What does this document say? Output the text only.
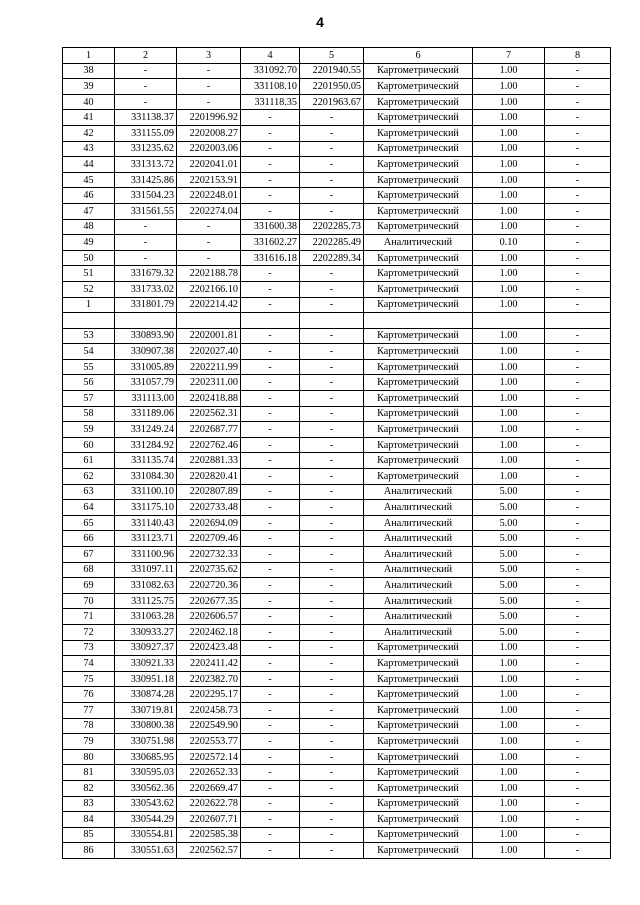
4
1	2	3	4	5	6	7	8
38	-	-	331092.70	2201940.55	Картометрический	1.00	-
39	-	-	331108.10	2201950.05	Картометрический	1.00	-
40	-	-	331118.35	2201963.67	Картометрический	1.00	-
41	331138.37	2201996.92	-	-	Картометрический	1.00	-
42	331155.09	2202008.27	-	-	Картометрический	1.00	-
43	331235.62	2202003.06	-	-	Картометрический	1.00	-
44	331313.72	2202041.01	-	-	Картометрический	1.00	-
45	331425.86	2202153.91	-	-	Картометрический	1.00	-
46	331504.23	2202248.01	-	-	Картометрический	1.00	-
47	331561.55	2202274.04	-	-	Картометрический	1.00	-
48	-	-	331600.38	2202285.73	Картометрический	1.00	-
49	-	-	331602.27	2202285.49	Аналитический	0.10	-
50	-	-	331616.18	2202289.34	Картометрический	1.00	-
51	331679.32	2202188.78	-	-	Картометрический	1.00	-
52	331733.02	2202166.10	-	-	Картометрический	1.00	-
1	331801.79	2202214.42	-	-	Картометрический	1.00	-

53	330893.90	2202001.81	-	-	Картометрический	1.00	-
54	330907.38	2202027.40	-	-	Картометрический	1.00	-
55	331005.89	2202211.99	-	-	Картометрический	1.00	-
56	331057.79	2202311.00	-	-	Картометрический	1.00	-
57	331113.00	2202418.88	-	-	Картометрический	1.00	-
58	331189.06	2202562.31	-	-	Картометрический	1.00	-
59	331249.24	2202687.77	-	-	Картометрический	1.00	-
60	331284.92	2202762.46	-	-	Картометрический	1.00	-
61	331135.74	2202881.33	-	-	Картометрический	1.00	-
62	331084.30	2202820.41	-	-	Картометрический	1.00	-
63	331100.10	2202807.89	-	-	Аналитический	5.00	-
64	331175.10	2202733.48	-	-	Аналитический	5.00	-
65	331140.43	2202694.09	-	-	Аналитический	5.00	-
66	331123.71	2202709.46	-	-	Аналитический	5.00	-
67	331100.96	2202732.33	-	-	Аналитический	5.00	-
68	331097.11	2202735.62	-	-	Аналитический	5.00	-
69	331082.63	2202720.36	-	-	Аналитический	5.00	-
70	331125.75	2202677.35	-	-	Аналитический	5.00	-
71	331063.28	2202606.57	-	-	Аналитический	5.00	-
72	330933.27	2202462.18	-	-	Аналитический	5.00	-
73	330927.37	2202423.48	-	-	Картометрический	1.00	-
74	330921.33	2202411.42	-	-	Картометрический	1.00	-
75	330951.18	2202382.70	-	-	Картометрический	1.00	-
76	330874.28	2202295.17	-	-	Картометрический	1.00	-
77	330719.81	2202458.73	-	-	Картометрический	1.00	-
78	330800.38	2202549.90	-	-	Картометрический	1.00	-
79	330751.98	2202553.77	-	-	Картометрический	1.00	-
80	330685.95	2202572.14	-	-	Картометрический	1.00	-
81	330595.03	2202652.33	-	-	Картометрический	1.00	-
82	330562.36	2202669.47	-	-	Картометрический	1.00	-
83	330543.62	2202622.78	-	-	Картометрический	1.00	-
84	330544.29	2202607.71	-	-	Картометрический	1.00	-
85	330554.81	2202585.38	-	-	Картометрический	1.00	-
86	330551.63	2202562.57	-	-	Картометрический	1.00	-
